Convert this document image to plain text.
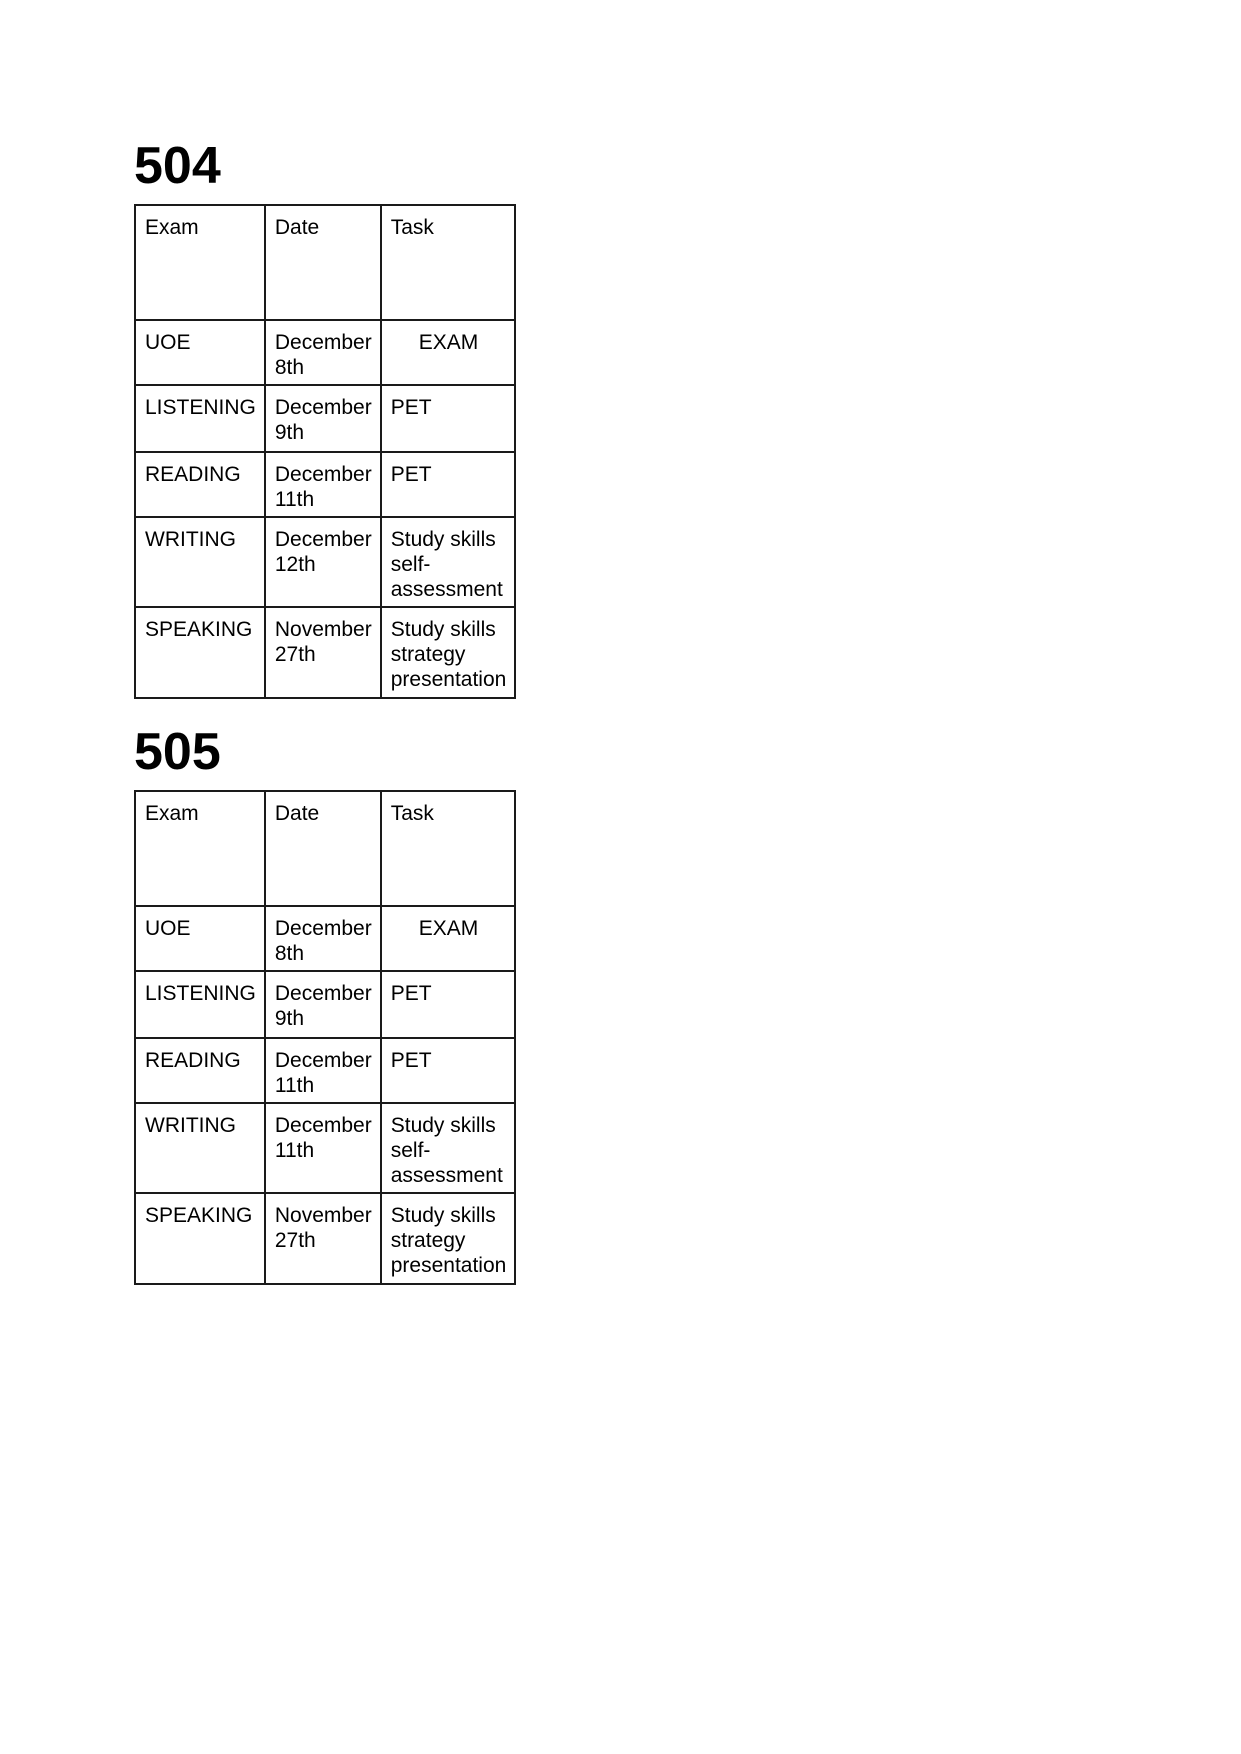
504
Exam	Date	Task
UOE	December 8th	EXAM
LISTENING	December 9th	PET
READING	December 11th	PET
WRITING	December 12th	Study skills self-assessment
SPEAKING	November 27th	Study skills strategy presentation
505
Exam	Date	Task
UOE	December 8th	EXAM
LISTENING	December 9th	PET
READING	December 11th	PET
WRITING	December 11th	Study skills self-assessment
SPEAKING	November 27th	Study skills strategy presentation
